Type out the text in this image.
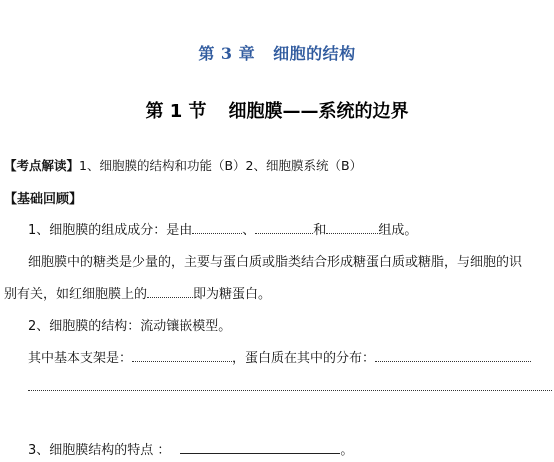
第 3 章 细胞的结构
第 1 节 细胞膜——系统的边界
【考点解读】1、细胞膜的结构和功能（B）2、细胞膜系统（B）
【基础回顾】
1、细胞膜的组成成分：是由	、	和	组成。
细胞膜中的糖类是少量的，主要与蛋白质或脂类结合形成糖蛋白质或糖脂，与细胞的识
别有关，如红细胞膜上的	即为糖蛋白。
2、细胞膜的结构：流动镶嵌模型。
其中基本支架是：	，蛋白质在其中的分布：
3、细胞膜结构的特点 ：	。
